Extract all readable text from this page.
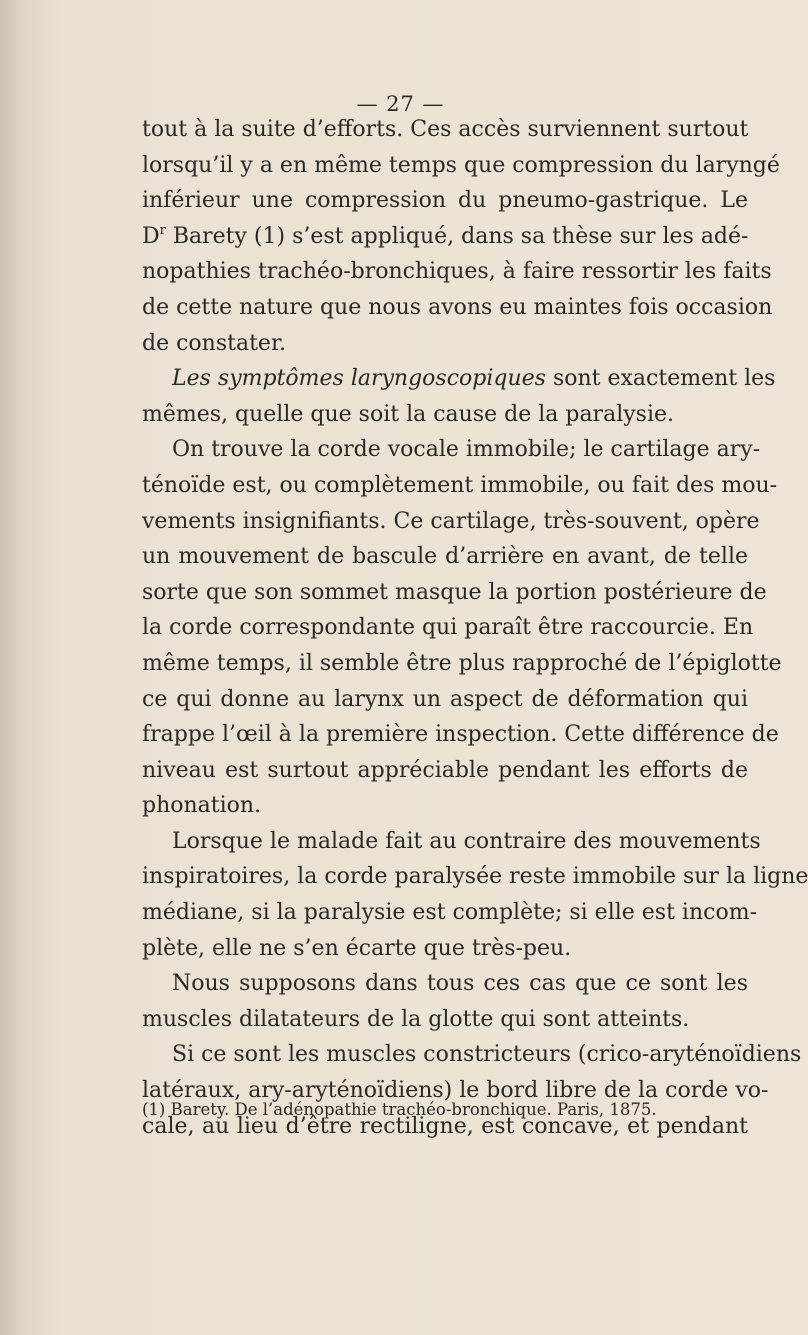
— 27 —
tout à la suite d’efforts. Ces accès surviennent surtout
lorsqu’il y a en même temps que compression du laryngé
inférieur une compression du pneumo-gastrique. Le
$D^r$ Barety (1) s’est appliqué, dans sa thèse sur les adé-
nopathies trachéo-bronchiques, à faire ressortir les faits
de cette nature que nous avons eu maintes fois occasion
de constater.
Les symptômes laryngoscopiques sont exactement les
mêmes, quelle que soit la cause de la paralysie.
On trouve la corde vocale immobile; le cartilage ary-
ténoïde est, ou complètement immobile, ou fait des mou-
vements insignifiants. Ce cartilage, très-souvent, opère
un mouvement de bascule d’arrière en avant, de telle
sorte que son sommet masque la portion postérieure de
la corde correspondante qui paraît être raccourcie. En
même temps, il semble être plus rapproché de l’épiglotte
ce qui donne au larynx un aspect de déformation qui
frappe l’œil à la première inspection. Cette différence de
niveau est surtout appréciable pendant les efforts de
phonation.
Lorsque le malade fait au contraire des mouvements
inspiratoires, la corde paralysée reste immobile sur la ligne
médiane, si la paralysie est complète; si elle est incom-
plète, elle ne s’en écarte que très-peu.
Nous supposons dans tous ces cas que ce sont les
muscles dilatateurs de la glotte qui sont atteints.
Si ce sont les muscles constricteurs (crico-aryténoïdiens
latéraux, ary-aryténoïdiens) le bord libre de la corde vo-
cale, au lieu d’être rectiligne, est concave, et pendant
(1) Barety. De l’adénopathie trachéo-bronchique. Paris, 1875.
